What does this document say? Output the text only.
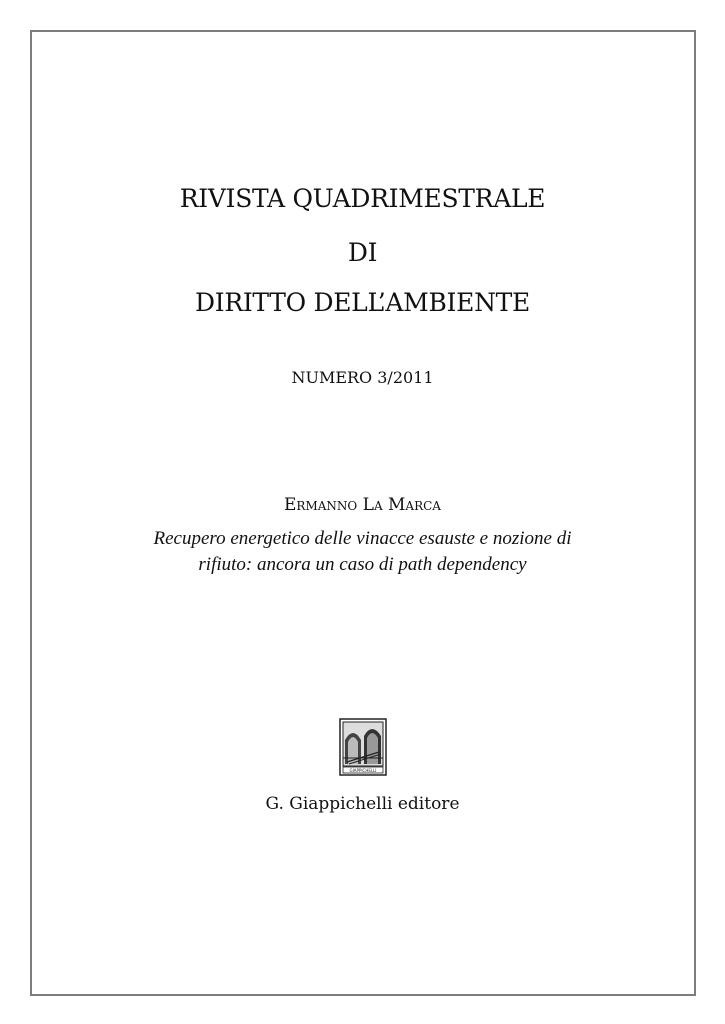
RIVISTA QUADRIMESTRALE
DI
DIRITTO DELL’AMBIENTE
NUMERO 3/2011
Ermanno La Marca
Recupero energetico delle vinacce esauste e nozione di
rifiuto: ancora un caso di path dependency
GIAPPICHELLI
G. Giappichelli editore
